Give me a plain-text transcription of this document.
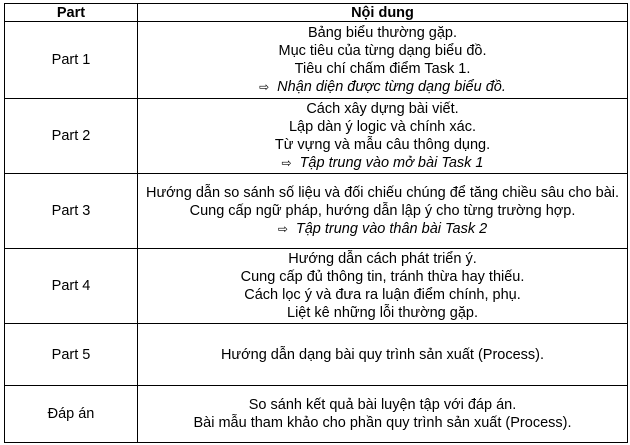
Part	Nội dung
Part 1	Bảng biểu thường gặp.
Mục tiêu của từng dạng biểu đồ.
Tiêu chí chấm điểm Task 1.
⇨ Nhận diện được từng dạng biểu đồ.

Part 2	Cách xây dựng bài viết.
Lập dàn ý logic và chính xác.
Từ vựng và mẫu câu thông dụng.
⇨ Tập trung vào mở bài Task 1

Part 3	Hướng dẫn so sánh số liệu và đối chiếu chúng để tăng chiều sâu cho bài.
Cung cấp ngữ pháp, hướng dẫn lập ý cho từng trường hợp.
⇨ Tập trung vào thân bài Task 2

Part 4	Hướng dẫn cách phát triển ý.
Cung cấp đủ thông tin, tránh thừa hay thiếu.
Cách lọc ý và đưa ra luận điểm chính, phụ.
Liệt kê những lỗi thường gặp.

Part 5	Hướng dẫn dạng bài quy trình sản xuất (Process).

Đáp án	So sánh kết quả bài luyện tập với đáp án.
Bài mẫu tham khảo cho phần quy trình sản xuất (Process).
